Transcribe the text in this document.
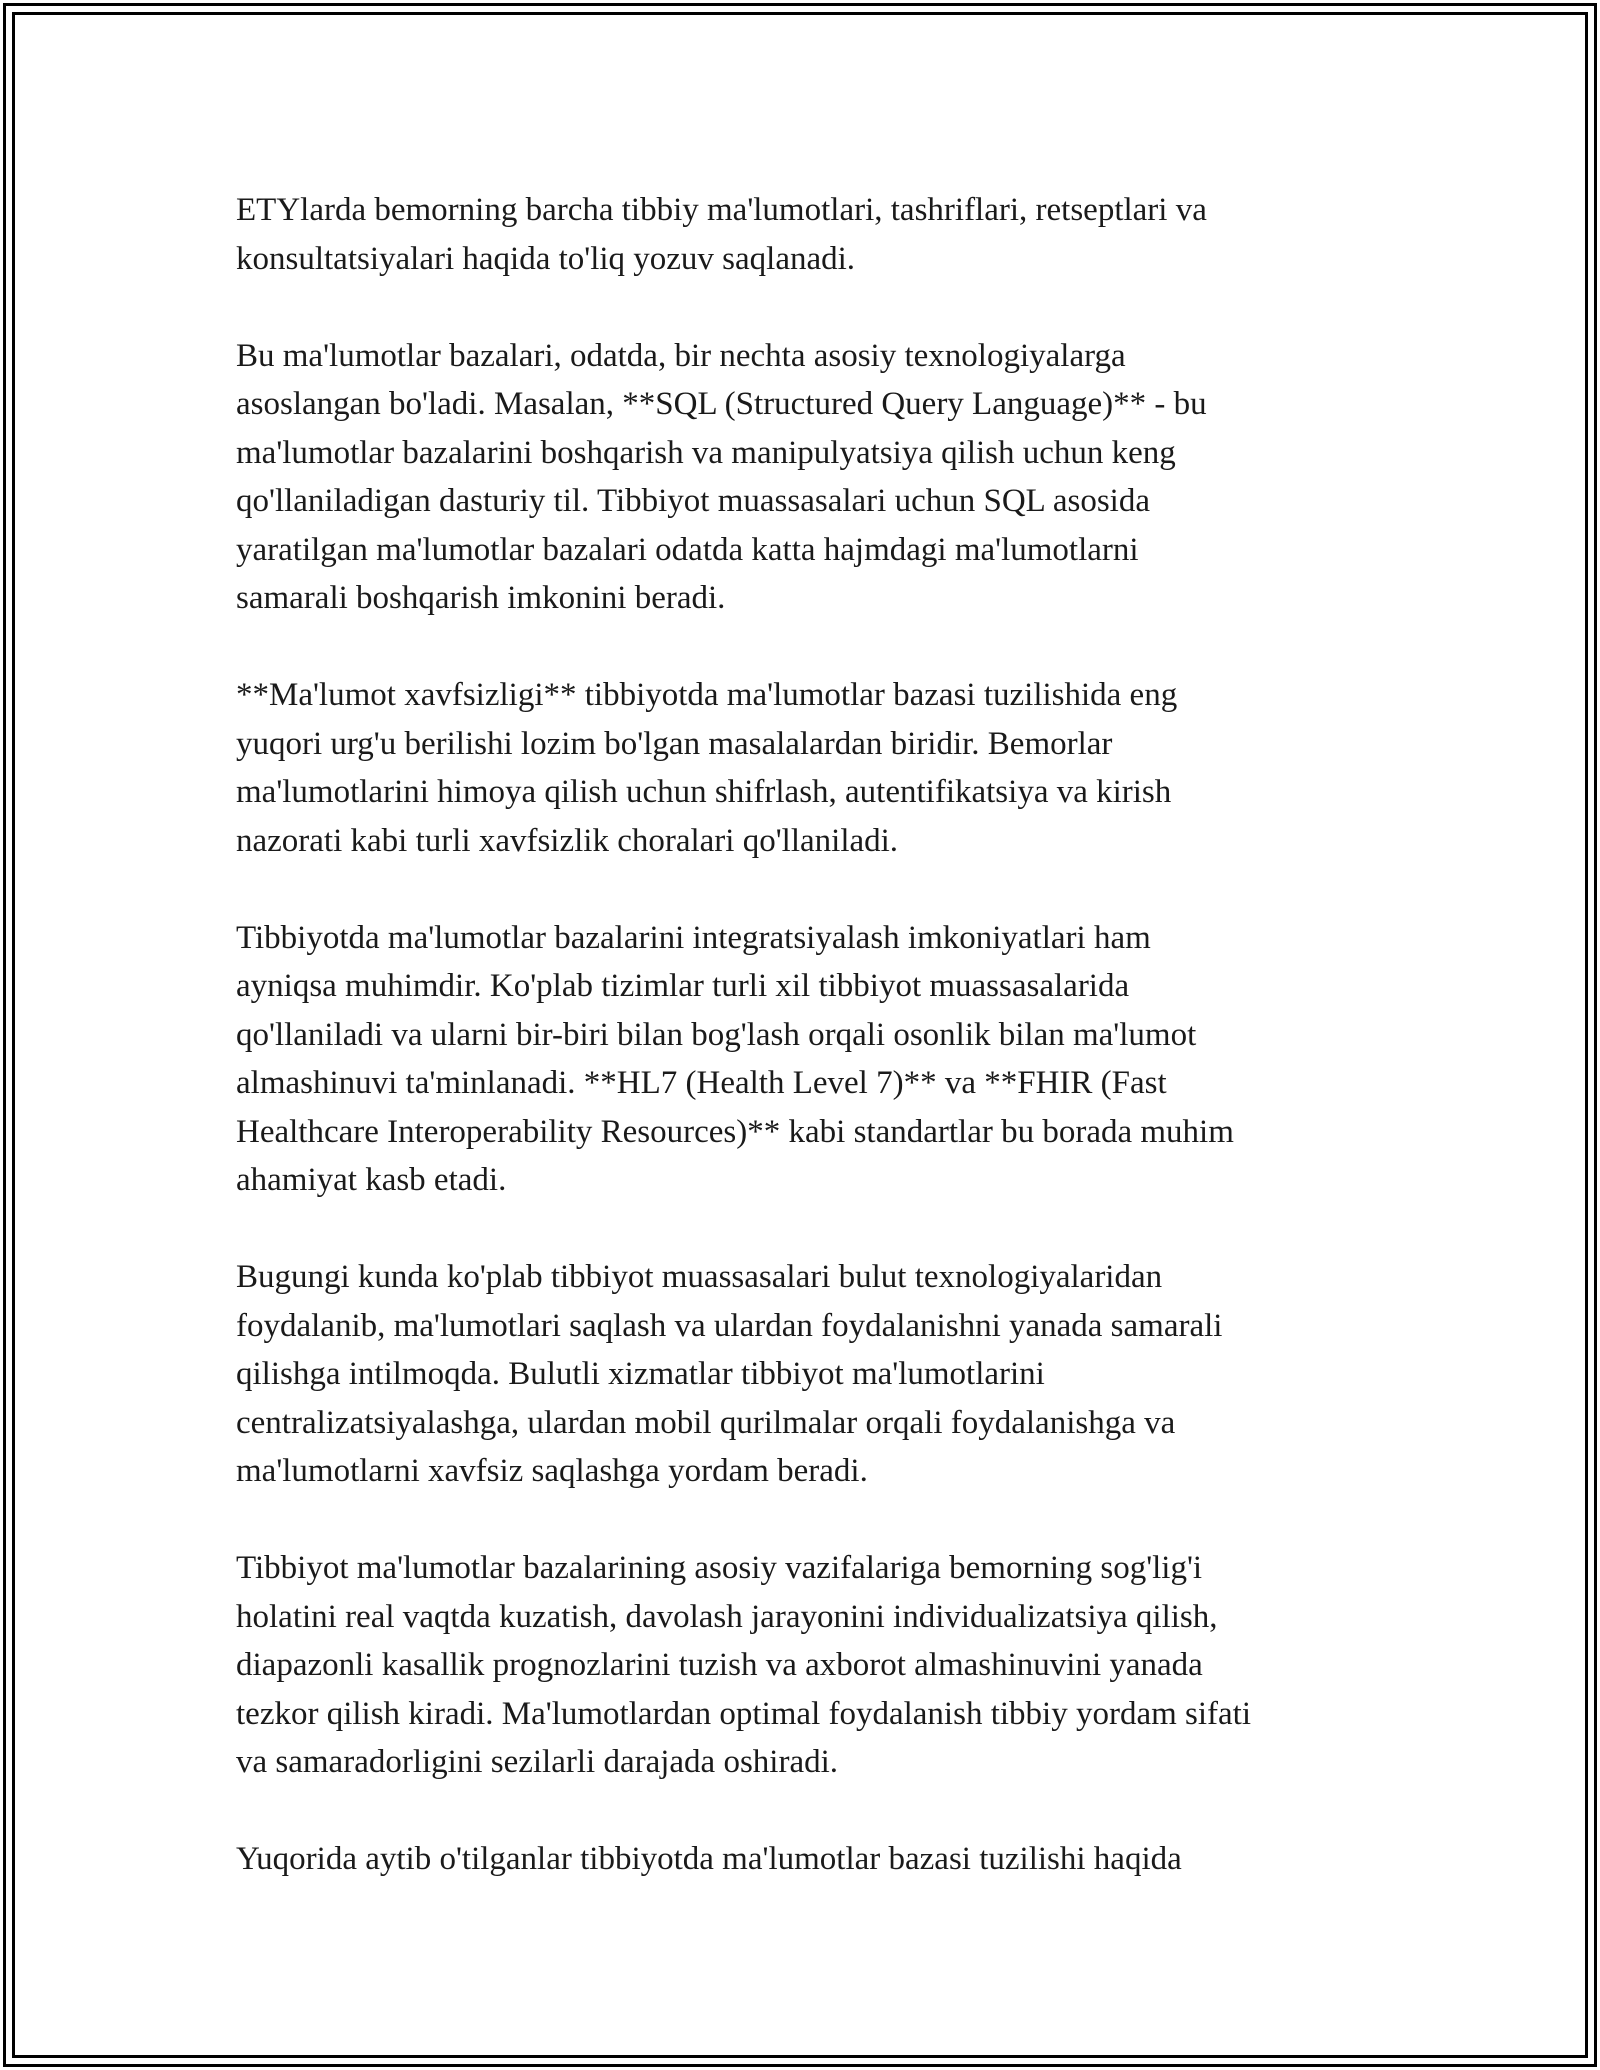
ETYlarda bemorning barcha tibbiy ma'lumotlari, tashriflari, retseptlari va
konsultatsiyalari haqida to'liq yozuv saqlanadi.

Bu ma'lumotlar bazalari, odatda, bir nechta asosiy texnologiyalarga
asoslangan bo'ladi. Masalan, **SQL (Structured Query Language)** - bu
ma'lumotlar bazalarini boshqarish va manipulyatsiya qilish uchun keng
qo'llaniladigan dasturiy til. Tibbiyot muassasalari uchun SQL asosida
yaratilgan ma'lumotlar bazalari odatda katta hajmdagi ma'lumotlarni
samarali boshqarish imkonini beradi.

**Ma'lumot xavfsizligi** tibbiyotda ma'lumotlar bazasi tuzilishida eng
yuqori urg'u berilishi lozim bo'lgan masalalardan biridir. Bemorlar
ma'lumotlarini himoya qilish uchun shifrlash, autentifikatsiya va kirish
nazorati kabi turli xavfsizlik choralari qo'llaniladi.

Tibbiyotda ma'lumotlar bazalarini integratsiyalash imkoniyatlari ham
ayniqsa muhimdir. Ko'plab tizimlar turli xil tibbiyot muassasalarida
qo'llaniladi va ularni bir-biri bilan bog'lash orqali osonlik bilan ma'lumot
almashinuvi ta'minlanadi. **HL7 (Health Level 7)** va **FHIR (Fast
Healthcare Interoperability Resources)** kabi standartlar bu borada muhim
ahamiyat kasb etadi.

Bugungi kunda ko'plab tibbiyot muassasalari bulut texnologiyalaridan
foydalanib, ma'lumotlari saqlash va ulardan foydalanishni yanada samarali
qilishga intilmoqda. Bulutli xizmatlar tibbiyot ma'lumotlarini
centralizatsiyalashga, ulardan mobil qurilmalar orqali foydalanishga va
ma'lumotlarni xavfsiz saqlashga yordam beradi.

Tibbiyot ma'lumotlar bazalarining asosiy vazifalariga bemorning sog'lig'i
holatini real vaqtda kuzatish, davolash jarayonini individualizatsiya qilish,
diapazonli kasallik prognozlarini tuzish va axborot almashinuvini yanada
tezkor qilish kiradi. Ma'lumotlardan optimal foydalanish tibbiy yordam sifati
va samaradorligini sezilarli darajada oshiradi.

Yuqorida aytib o'tilganlar tibbiyotda ma'lumotlar bazasi tuzilishi haqida
